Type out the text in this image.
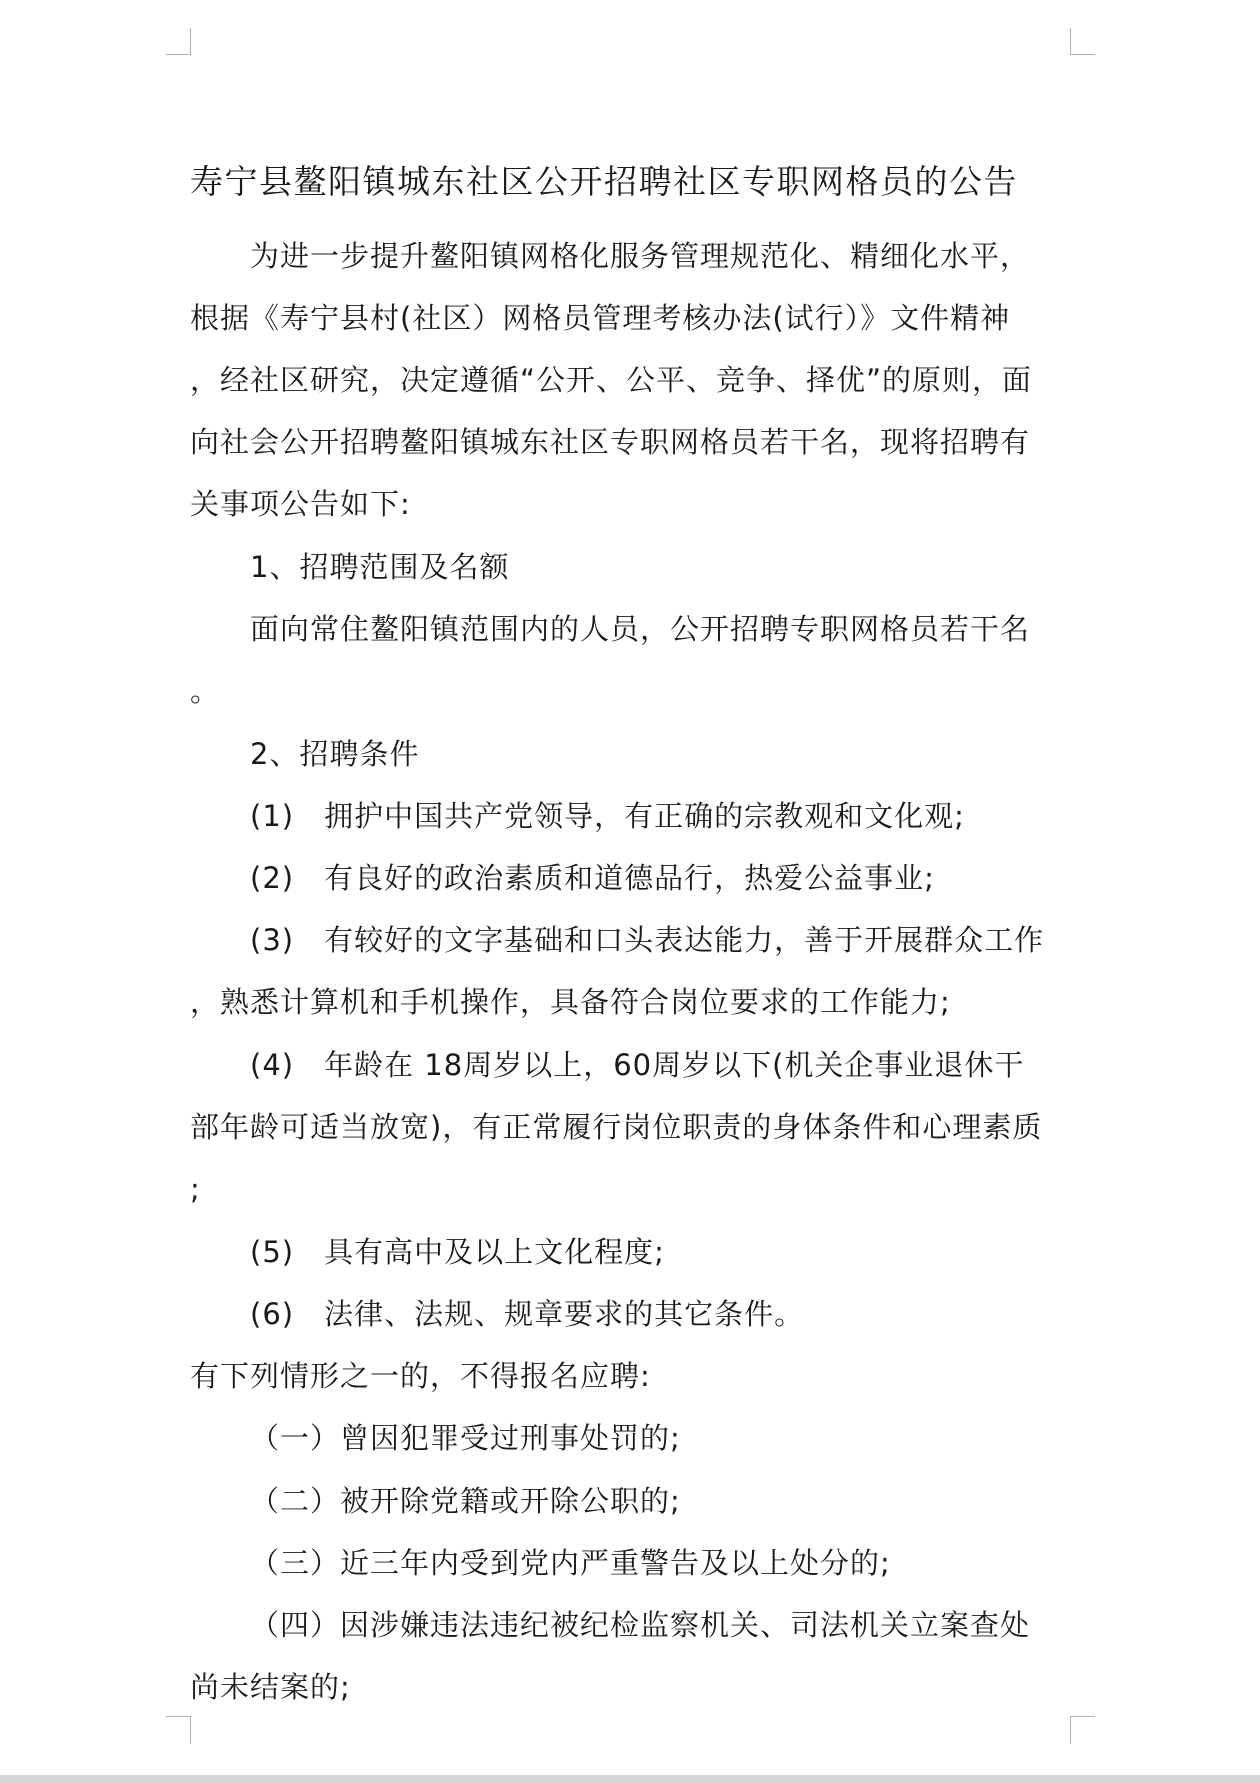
寿宁县鳌阳镇城东社区公开招聘社区专职网格员的公告
为进一步提升鳌阳镇网格化服务管理规范化、精细化水平，
根据《寿宁县村(社区）网格员管理考核办法(试行）》文件精神
，经社区研究，决定遵循“公开、公平、竞争、择优”的原则，面
向社会公开招聘鳌阳镇城东社区专职网格员若干名，现将招聘有
关事项公告如下:
1、招聘范围及名额
面向常住鳌阳镇范围内的人员，公开招聘专职网格员若干名
。
2、招聘条件
(1)　拥护中国共产党领导，有正确的宗教观和文化观;
(2)　有良好的政治素质和道德品行，热爱公益事业;
(3)　有较好的文字基础和口头表达能力，善于开展群众工作
，熟悉计算机和手机操作，具备符合岗位要求的工作能力;
(4)　年龄在 18周岁以上，60周岁以下(机关企事业退休干
部年龄可适当放宽)，有正常履行岗位职责的身体条件和心理素质
;
(5)　具有高中及以上文化程度;
(6)　法律、法规、规章要求的其它条件。
有下列情形之一的，不得报名应聘:
（一）曾因犯罪受过刑事处罚的;
（二）被开除党籍或开除公职的;
（三）近三年内受到党内严重警告及以上处分的;
（四）因涉嫌违法违纪被纪检监察机关、司法机关立案查处
尚未结案的;
